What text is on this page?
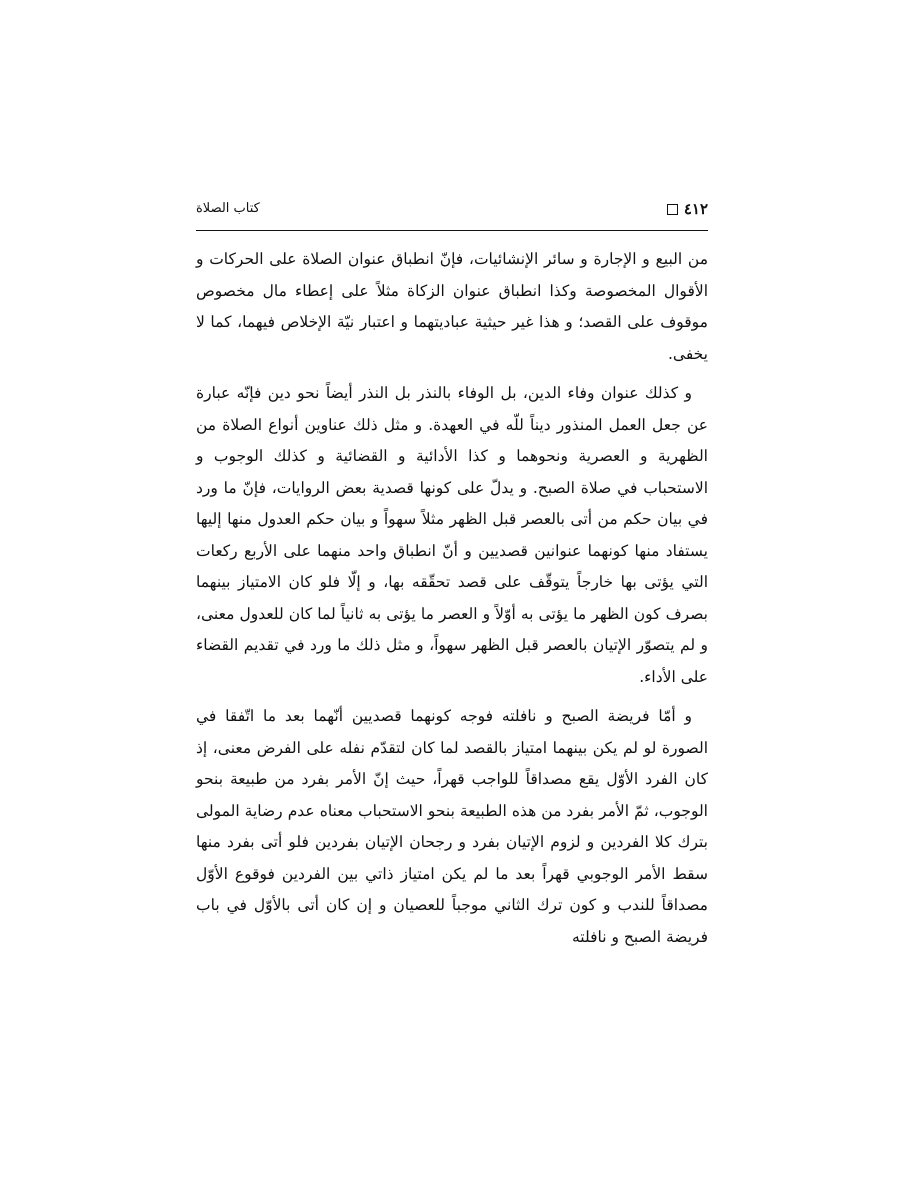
٤١٢
كتاب الصلاة

من البيع و الإجارة و سائر الإنشائيات، فإنّ انطباق عنوان الصلاة على الحركات و الأقوال المخصوصة وكذا انطباق عنوان الزكاة مثلاً على إعطاء مال مخصوص موقوف على القصد؛ و هذا غير حيثية عباديتهما و اعتبار نيّة الإخلاص فيهما، كما لا يخفى.

و كذلك عنوان وفاء الدين، بل الوفاء بالنذر بل النذر أيضاً نحو دين فإنّه عبارة عن جعل العمل المنذور ديناً للّه في العهدة. و مثل ذلك عناوين أنواع الصلاة من الظهرية و العصرية ونحوهما و كذا الأدائية و القضائية و كذلك الوجوب و الاستحباب في صلاة الصبح. و يدلّ على كونها قصدية بعض الروايات، فإنّ ما ورد في بيان حكم من أتى بالعصر قبل الظهر مثلاً سهواً و بيان حكم العدول منها إليها يستفاد منها كونهما عنوانين قصديين و أنّ انطباق واحد منهما على الأربع ركعات التي يؤتى بها خارجاً يتوقّف على قصد تحقّقه بها، و إلّا فلو كان الامتياز بينهما بصرف كون الظهر ما يؤتى به أوّلاً و العصر ما يؤتى به ثانياً لما كان للعدول معنى، و لم يتصوّر الإتيان بالعصر قبل الظهر سهواً، و مثل ذلك ما ورد في تقديم القضاء على الأداء.

و أمّا فريضة الصبح و نافلته فوجه كونهما قصديين أنّهما بعد ما اتّفقا في الصورة لو لم يكن بينهما امتياز بالقصد لما كان لتقدّم نفله على الفرض معنى، إذ كان الفرد الأوّل يقع مصداقاً للواجب قهراً، حيث إنّ الأمر بفرد من طبيعة بنحو الوجوب، ثمّ الأمر بفرد من هذه الطبيعة بنحو الاستحباب معناه عدم رضاية المولى بترك كلا الفردين و لزوم الإتيان بفرد و رجحان الإتيان بفردين فلو أتى بفرد منها سقط الأمر الوجوبي قهراً بعد ما لم يكن امتياز ذاتي بين الفردين فوقوع الأوّل مصداقاً للندب و كون ترك الثاني موجباً للعصيان و إن كان أتى بالأوّل في باب فريضة الصبح و نافلته
